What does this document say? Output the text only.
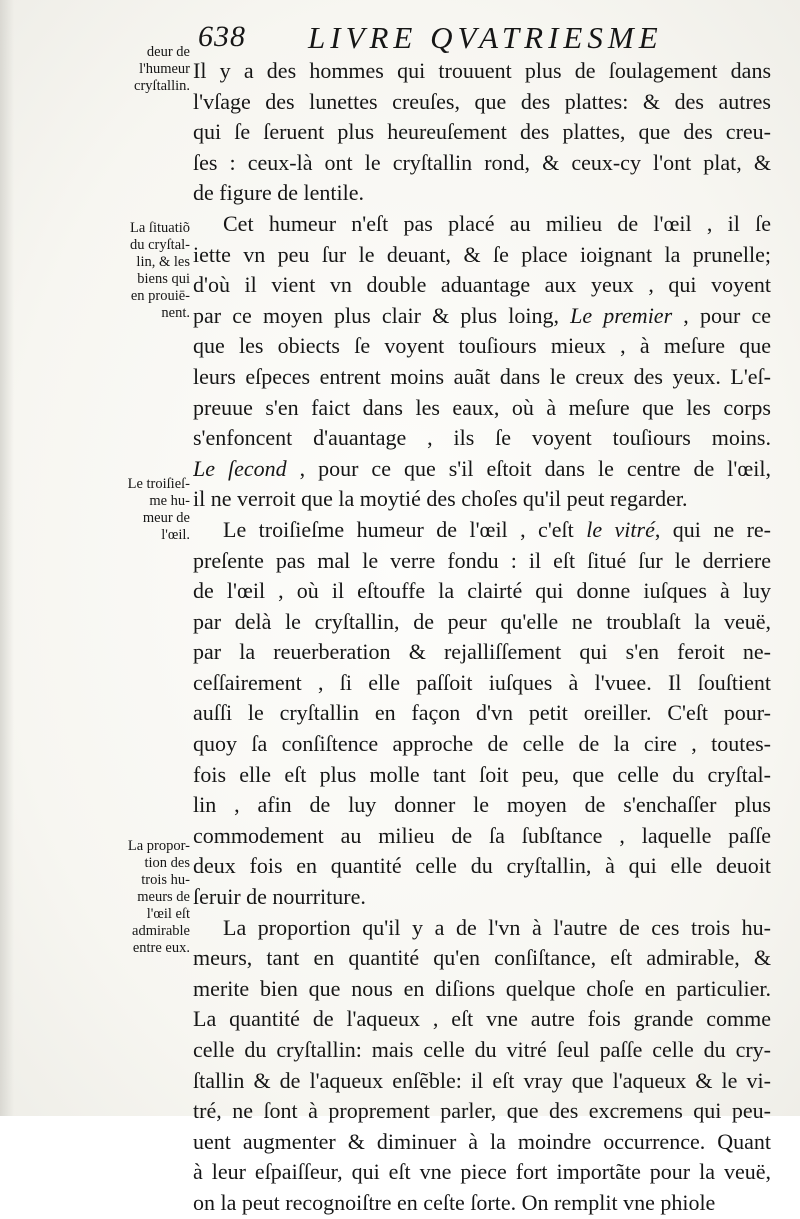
638 LIVRE QVATRIESME

deur de
l'humeur
cryſtallin.

La ſituatiõ
du cryſtal-
lin, & les
biens qui
en prouiē-
nent.

Le troiſieſ-
me hu-
meur de
l'œil.

La propor-
tion des
trois hu-
meurs de
l'œil eſt
admirable
entre eux.

Il y a des hommes qui trouuent plus de ſoulagement dans
l'vſage des lunettes creuſes, que des plattes: & des autres
qui ſe ſeruent plus heureuſement des plattes, que des creu-
ſes : ceux-là ont le cryſtallin rond, & ceux-cy l'ont plat, &
de figure de lentile.
Cet humeur n'eſt pas placé au milieu de l'œil , il ſe
iette vn peu ſur le deuant, & ſe place ioignant la prunelle;
d'où il vient vn double aduantage aux yeux , qui voyent
par ce moyen plus clair & plus loing, Le premier , pour ce
que les obiects ſe voyent touſiours mieux , à meſure que
leurs eſpeces entrent moins auãt dans le creux des yeux. L'eſ-
preuue s'en faict dans les eaux, où à meſure que les corps
s'enfoncent d'auantage , ils ſe voyent touſiours moins.
Le ſecond , pour ce que s'il eſtoit dans le centre de l'œil,
il ne verroit que la moytié des choſes qu'il peut regarder.
Le troiſieſme humeur de l'œil , c'eſt le vitré, qui ne re-
preſente pas mal le verre fondu : il eſt ſitué ſur le derriere
de l'œil , où il eſtouffe la clairté qui donne iuſques à luy
par delà le cryſtallin, de peur qu'elle ne troublaſt la veuë,
par la reuerberation & rejalliſſement qui s'en feroit ne-
ceſſairement , ſi elle paſſoit iuſques à l'vuee. Il ſouſtient
auſſi le cryſtallin en façon d'vn petit oreiller. C'eſt pour-
quoy ſa conſiſtence approche de celle de la cire , toutes-
fois elle eſt plus molle tant ſoit peu, que celle du cryſtal-
lin , afin de luy donner le moyen de s'enchaſſer plus
commodement au milieu de ſa ſubſtance , laquelle paſſe
deux fois en quantité celle du cryſtallin, à qui elle deuoit
ſeruir de nourriture.
La proportion qu'il y a de l'vn à l'autre de ces trois hu-
meurs, tant en quantité qu'en conſiſtance, eſt admirable, &
merite bien que nous en diſions quelque choſe en particulier.
La quantité de l'aqueux , eſt vne autre fois grande comme
celle du cryſtallin: mais celle du vitré ſeul paſſe celle du cry-
ſtallin & de l'aqueux enſẽble: il eſt vray que l'aqueux & le vi-
tré, ne ſont à proprement parler, que des excremens qui peu-
uent augmenter & diminuer à la moindre occurrence. Quant
à leur eſpaiſſeur, qui eſt vne piece fort importãte pour la veuë,
on la peut recognoiſtre en ceſte ſorte. On remplit vne phiole
